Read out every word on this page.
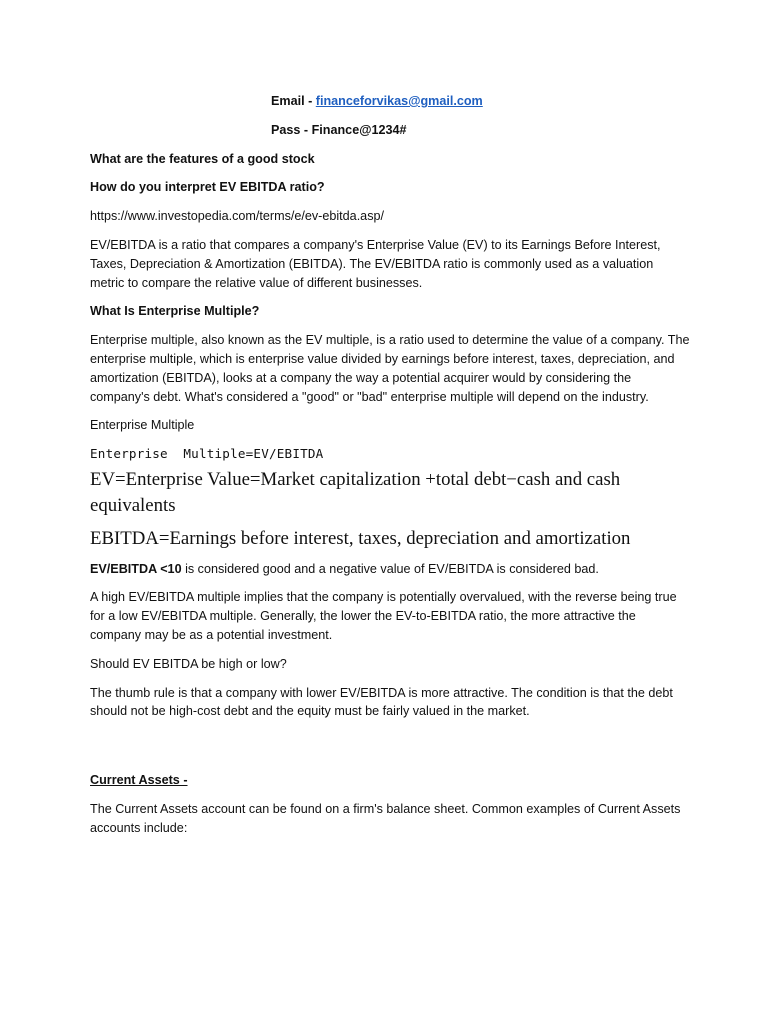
Email - financeforvikas@gmail.com

Pass - Finance@1234#

What are the features of a good stock

How do you interpret EV EBITDA ratio?

https://www.investopedia.com/terms/e/ev-ebitda.asp/

EV/EBITDA is a ratio that compares a company's Enterprise Value (EV) to its Earnings Before Interest, Taxes, Depreciation & Amortization (EBITDA). The EV/EBITDA ratio is commonly used as a valuation metric to compare the relative value of different businesses.

What Is Enterprise Multiple?

Enterprise multiple, also known as the EV multiple, is a ratio used to determine the value of a company. The enterprise multiple, which is enterprise value divided by earnings before interest, taxes, depreciation, and amortization (EBITDA), looks at a company the way a potential acquirer would by considering the company's debt. What's considered a "good" or "bad" enterprise multiple will depend on the industry.

Enterprise Multiple

Enterprise  Multiple=EV/EBITDA

EV=Enterprise Value=Market capitalization +total debt−cash and cash equivalents

EBITDA=Earnings before interest, taxes, depreciation and amortization

EV/EBITDA <10 is considered good and a negative value of EV/EBITDA is considered bad.

A high EV/EBITDA multiple implies that the company is potentially overvalued, with the reverse being true for a low EV/EBITDA multiple. Generally, the lower the EV-to-EBITDA ratio, the more attractive the company may be as a potential investment.

Should EV EBITDA be high or low?

The thumb rule is that a company with lower EV/EBITDA is more attractive. The condition is that the debt should not be high-cost debt and the equity must be fairly valued in the market.

Current Assets -

The Current Assets account can be found on a firm's balance sheet. Common examples of Current Assets accounts include:
